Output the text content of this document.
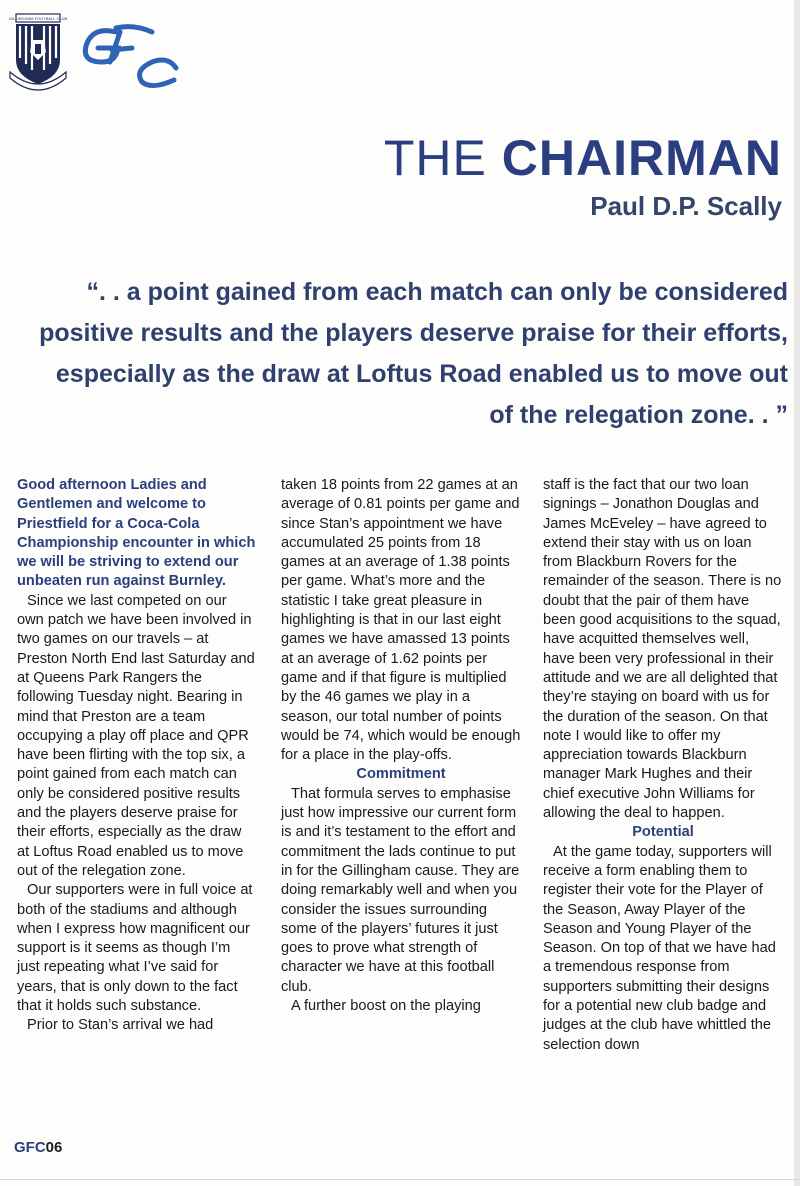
GILLINGHAM FOOTBALL CLUB
THE CHAIRMAN
Paul D.P. Scally
“. . a point gained from each match can only be considered positive results and the players deserve praise for their efforts, especially as the draw at Loftus Road enabled us to move out of the relegation zone. . ”

Good afternoon Ladies and Gentlemen and welcome to Priestfield for a Coca-Cola Championship encounter in which we will be striving to extend our unbeaten run against Burnley.

Since we last competed on our own patch we have been involved in two games on our travels – at Preston North End last Saturday and at Queens Park Rangers the following Tuesday night. Bearing in mind that Preston are a team occupying a play off place and QPR have been flirting with the top six, a point gained from each match can only be considered positive results and the players deserve praise for their efforts, especially as the draw at Loftus Road enabled us to move out of the relegation zone.

Our supporters were in full voice at both of the stadiums and although when I express how magnificent our support is it seems as though I’m just repeating what I’ve said for years, that is only down to the fact that it holds such substance.

Prior to Stan’s arrival we had

taken 18 points from 22 games at an average of 0.81 points per game and since Stan’s appointment we have accumulated 25 points from 18 games at an average of 1.38 points per game. What’s more and the statistic I take great pleasure in highlighting is that in our last eight games we have amassed 13 points at an average of 1.62 points per game and if that figure is multiplied by the 46 games we play in a season, our total number of points would be 74, which would be enough for a place in the play-offs.

Commitment

That formula serves to emphasise just how impressive our current form is and it’s testament to the effort and commitment the lads continue to put in for the Gillingham cause. They are doing remarkably well and when you consider the issues surrounding some of the players’ futures it just goes to prove what strength of character we have at this football club.

A further boost on the playing

staff is the fact that our two loan signings – Jonathon Douglas and James McEveley – have agreed to extend their stay with us on loan from Blackburn Rovers for the remainder of the season. There is no doubt that the pair of them have been good acquisitions to the squad, have acquitted themselves well, have been very professional in their attitude and we are all delighted that they’re staying on board with us for the duration of the season. On that note I would like to offer my appreciation towards Blackburn manager Mark Hughes and their chief executive John Williams for allowing the deal to happen.

Potential

At the game today, supporters will receive a form enabling them to register their vote for the Player of the Season, Away Player of the Season and Young Player of the Season. On top of that we have had a tremendous response from supporters submitting their designs for a potential new club badge and judges at the club have whittled the selection down

GFC06
